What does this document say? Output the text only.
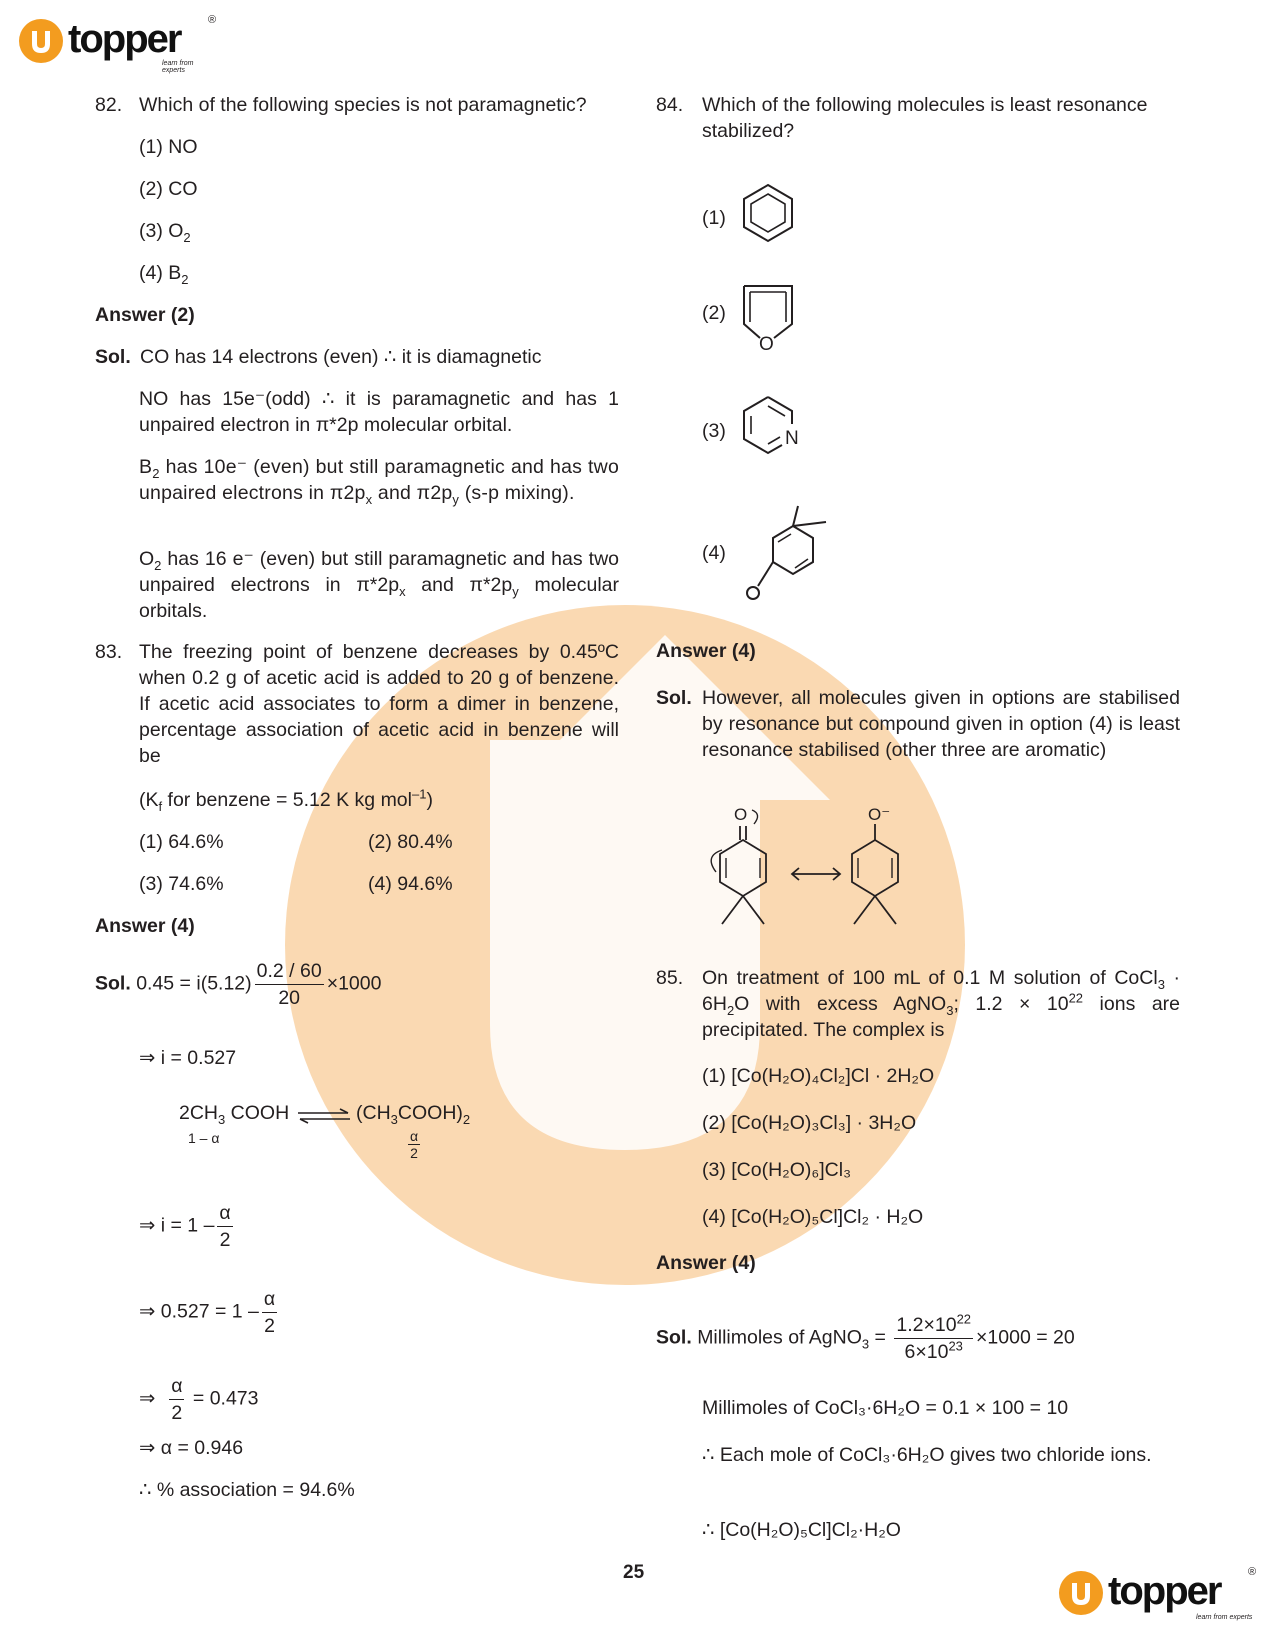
topper	®
learn from experts
82. Which of the following species is not paramagnetic?
(1) NO
(2) CO
(3) $O_2$
(4) $B_2$
Answer (2)
Sol. CO has 14 electrons (even) ∴ it is diamagnetic
NO has 15e⁻(odd) ∴ it is paramagnetic and has 1 unpaired electron in π*2p molecular orbital.
$B_2$ has 10e⁻ (even) but still paramagnetic and has two unpaired electrons in $\pi 2p_x$ and $\pi 2p_y$ (s-p mixing).
$O_2$ has 16 e⁻ (even) but still paramagnetic and has two unpaired electrons in $\pi*2p_x$ and $\pi*2p_y$ molecular orbitals.
83. The freezing point of benzene decreases by 0.45ºC when 0.2 g of acetic acid is added to 20 g of benzene. If acetic acid associates to form a dimer in benzene, percentage association of acetic acid in benzene will be
($K_f$ for benzene = 5.12 K kg mol$^{-1}$)
(1) 64.6%	(2) 80.4%
(3) 74.6%	(4) 94.6%
Answer (4)
Sol. $0.45 = i(5.12) \frac{0.2 / 60}{20} \times 1000$
⇒ i = 0.527
$2CH_3$ COOH ⇌ $(CH_3COOH)_2$
1 – α	$\frac{\alpha}{2}$
⇒ $i = 1 - \frac{\alpha}{2}$
⇒ $0.527 = 1 - \frac{\alpha}{2}$
⇒ $\frac{\alpha}{2} = 0.473$
⇒ α = 0.946
∴ % association = 94.6%
84. Which of the following molecules is least resonance stabilized?
(1)
(2)
O
(3)	N
(4)
Answer (4)
Sol. However, all molecules given in options are stabilised by resonance but compound given in option (4) is least resonance stabilised (other three are aromatic)
O	O⁻
85. On treatment of 100 mL of 0.1 M solution of CoCl$_3$ · $6H_2O$ with excess AgNO$_3$; $1.2 \times 10^{22}$ ions are precipitated. The complex is
(1) [Co(H₂O)₄Cl₂]Cl · 2H₂O
(2) [Co(H₂O)₃Cl₃] · 3H₂O
(3) [Co(H₂O)₆]Cl₃
(4) [Co(H₂O)₅Cl]Cl₂ · H₂O
Answer (4)
Sol. Millimoles of AgNO$_3$ = $\frac{1.2\times 10^{22}}{6\times 10^{23}} \times 1000 = 20$
Millimoles of CoCl₃·6H₂O = 0.1 × 100 = 10
∴ Each mole of CoCl₃·6H₂O gives two chloride ions.
∴ [Co(H₂O)₅Cl]Cl₂·H₂O
25	topper	®
learn from experts
